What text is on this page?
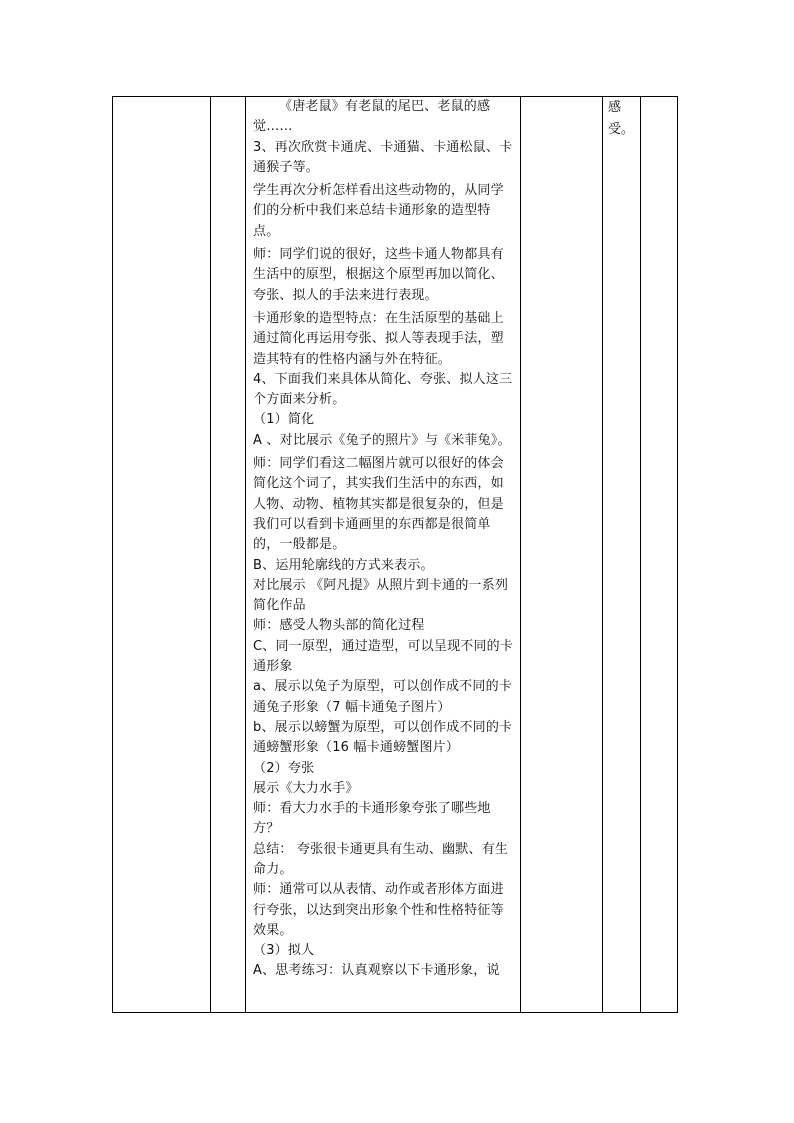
《唐老鼠》有老鼠的尾巴、老鼠的感觉……

3、再次欣赏卡通虎、卡通猫、卡通松鼠、卡通猴子等。

学生再次分析怎样看出这些动物的，从同学们的分析中我们来总结卡通形象的造型特点。

师：同学们说的很好，这些卡通人物都具有生活中的原型，根据这个原型再加以简化、夸张、拟人的手法来进行表现。

卡通形象的造型特点：在生活原型的基础上通过简化再运用夸张、拟人等表现手法，塑造其特有的性格内涵与外在特征。

4、下面我们来具体从简化、夸张、拟人这三个方面来分析。

（1）简化

A 、对比展示《兔子的照片》与《米菲兔》。

师：同学们看这二幅图片就可以很好的体会简化这个词了，其实我们生活中的东西，如人物、动物、植物其实都是很复杂的，但是我们可以看到卡通画里的东西都是很简单的，一般都是。

B、运用轮廓线的方式来表示。

对比展示 《阿凡提》从照片到卡通的一系列简化作品

师：感受人物头部的简化过程

C、同一原型，通过造型，可以呈现不同的卡通形象

a、展示以兔子为原型，可以创作成不同的卡通兔子形象（7 幅卡通兔子图片）

b、展示以螃蟹为原型，可以创作成不同的卡通螃蟹形象（16 幅卡通螃蟹图片）

（2）夸张

展示《大力水手》

师：看大力水手的卡通形象夸张了哪些地方？

总结： 夸张很卡通更具有生动、幽默、有生命力。

师：通常可以从表情、动作或者形体方面进行夸张，以达到突出形象个性和性格特征等效果。

（3）拟人

A、思考练习：认真观察以下卡通形象，说

感受。
